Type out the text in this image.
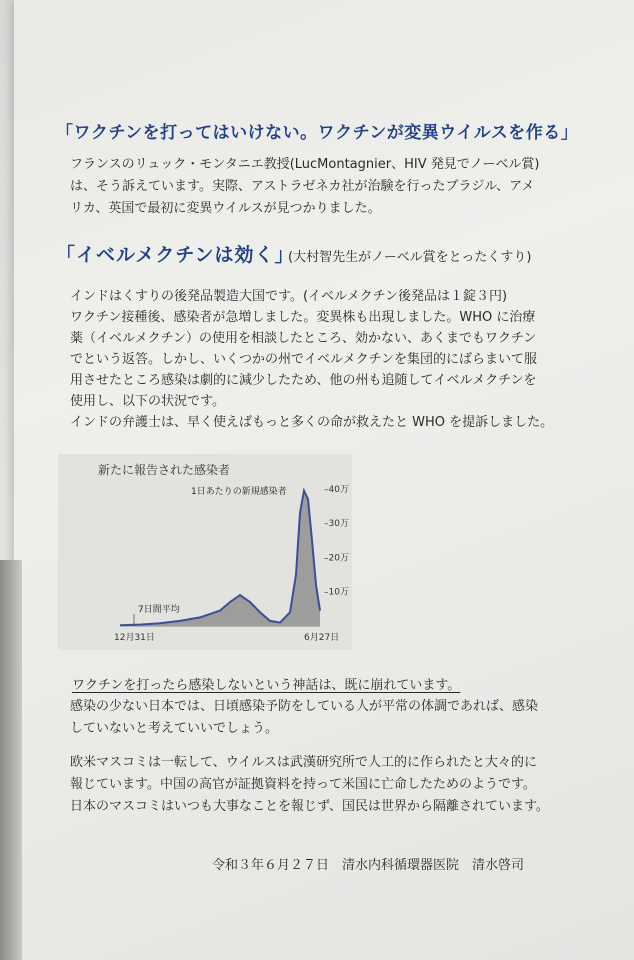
「ワクチンを打ってはいけない。ワクチンが変異ウイルスを作る」
フランスのリュック・モンタニエ教授(LucMontagnier、HIV 発見でノーベル賞)
は、そう訴えています。実際、アストラゼネカ社が治験を行ったブラジル、アメ
リカ、英国で最初に変異ウイルスが見つかりました。
「イベルメクチンは効く」
(大村智先生がノーベル賞をとったくすり)
インドはくすりの後発品製造大国です。(イベルメクチン後発品は１錠３円)
ワクチン接種後、感染者が急増しました。変異株も出現しました。WHO に治療
薬（イベルメクチン）の使用を相談したところ、効かない、あくまでもワクチン
でという返答。しかし、いくつかの州でイベルメクチンを集団的にばらまいて服
用させたところ感染は劇的に減少したため、他の州も追随してイベルメクチンを
使用し、以下の状況です。
インドの弁護士は、早く使えばもっと多くの命が救えたと WHO を提訴しました。
–40万
–30万
–20万
–10万
新たに報告された感染者
1日あたりの新規感染者
7日間平均
12月31日	6月27日
ワクチンを打ったら感染しないという神話は、既に崩れています。
感染の少ない日本では、日頃感染予防をしている人が平常の体調であれば、感染
していないと考えていいでしょう。
欧米マスコミは一転して、ウイルスは武漢研究所で人工的に作られたと大々的に
報じています。中国の高官が証拠資料を持って米国に亡命したためのようです。
日本のマスコミはいつも大事なことを報じず、国民は世界から隔離されています。
令和３年６月２７日　清水内科循環器医院　清水啓司
